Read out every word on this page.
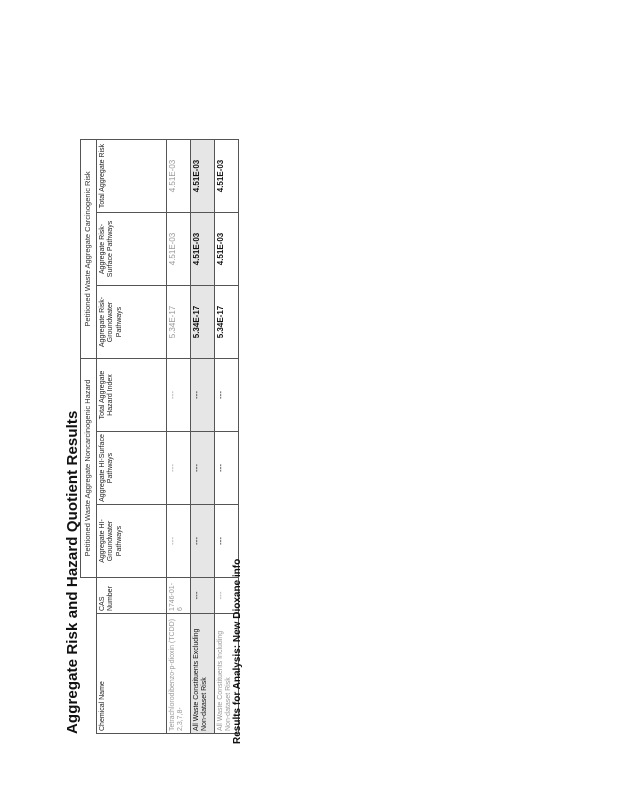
Aggregate Risk and Hazard Quotient Results
		Petitioned Waste Aggregate Noncarcinogenic Hazard			Petitioned Waste Aggregate Carcinogenic Risk		
Chemical Name	CAS Number	Aggregate HI-Groundwater Pathways	Aggregate HI-Surface Pathways	Total Aggregate Hazard Index	Aggregate Risk-Groundwater Pathways	Aggregate Risk-Surface Pathways	Total Aggregate Risk
Tetrachlorodibenzo-p-dioxin (TCDD) 2,3,7,8-	1746-01-6	---	---	---	5.34E-17	4.51E-03	4.51E-03
All Waste Constituents Excluding Non-dataset Risk	---	---	---	---	5.34E-17	4.51E-03	4.51E-03
All Waste Constituents Including Non-dataset Risk	---	---	---	---	5.34E-17	4.51E-03	4.51E-03
Results for Analysis: New Dioxane info
